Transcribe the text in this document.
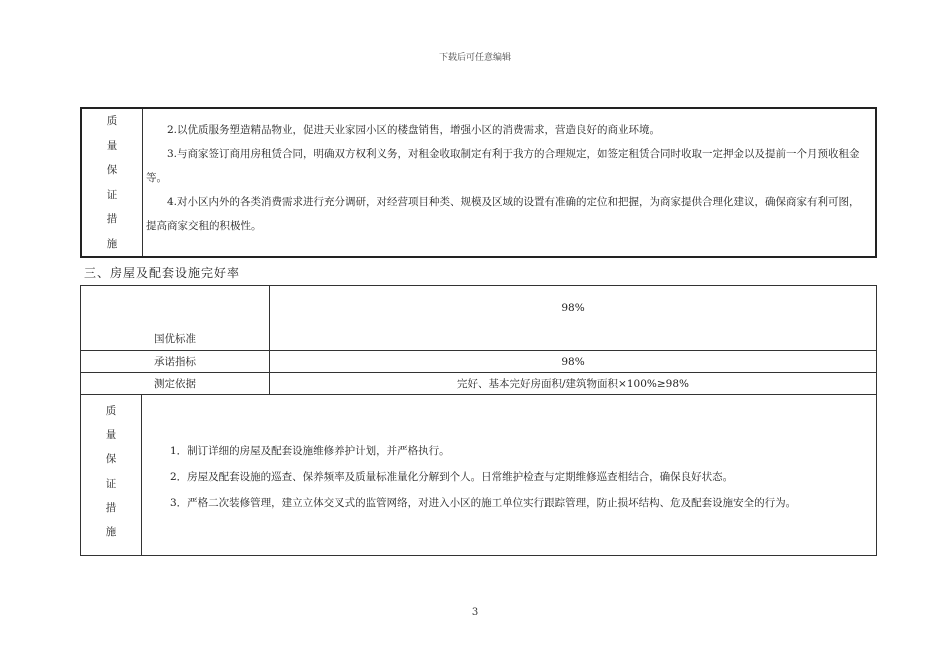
下载后可任意编辑
质
量
保
证
措
施

2.以优质服务塑造精品物业，促进天业家园小区的楼盘销售，增强小区的消费需求，营造良好的商业环境。

3.与商家签订商用房租赁合同，明确双方权利义务，对租金收取制定有利于我方的合理规定，如签定租赁合同时收取一定押金以及提前一个月预收租金等。

4.对小区内外的各类消费需求进行充分调研，对经营项目种类、规模及区域的设置有准确的定位和把握，为商家提供合理化建议，确保商家有利可图，提高商家交租的积极性。

三、房屋及配套设施完好率
国优标准	98%
承诺指标	98%
测定依据	完好、基本完好房面积/建筑物面积×100%≥98%

质
量
保
证
措
施

1．制订详细的房屋及配套设施维修养护计划，并严格执行。

2．房屋及配套设施的巡查、保养频率及质量标准量化分解到个人。日常维护检查与定期维修巡查相结合，确保良好状态。

3．严格二次装修管理，建立立体交叉式的监管网络，对进入小区的施工单位实行跟踪管理，防止损坏结构、危及配套设施安全的行为。

3
